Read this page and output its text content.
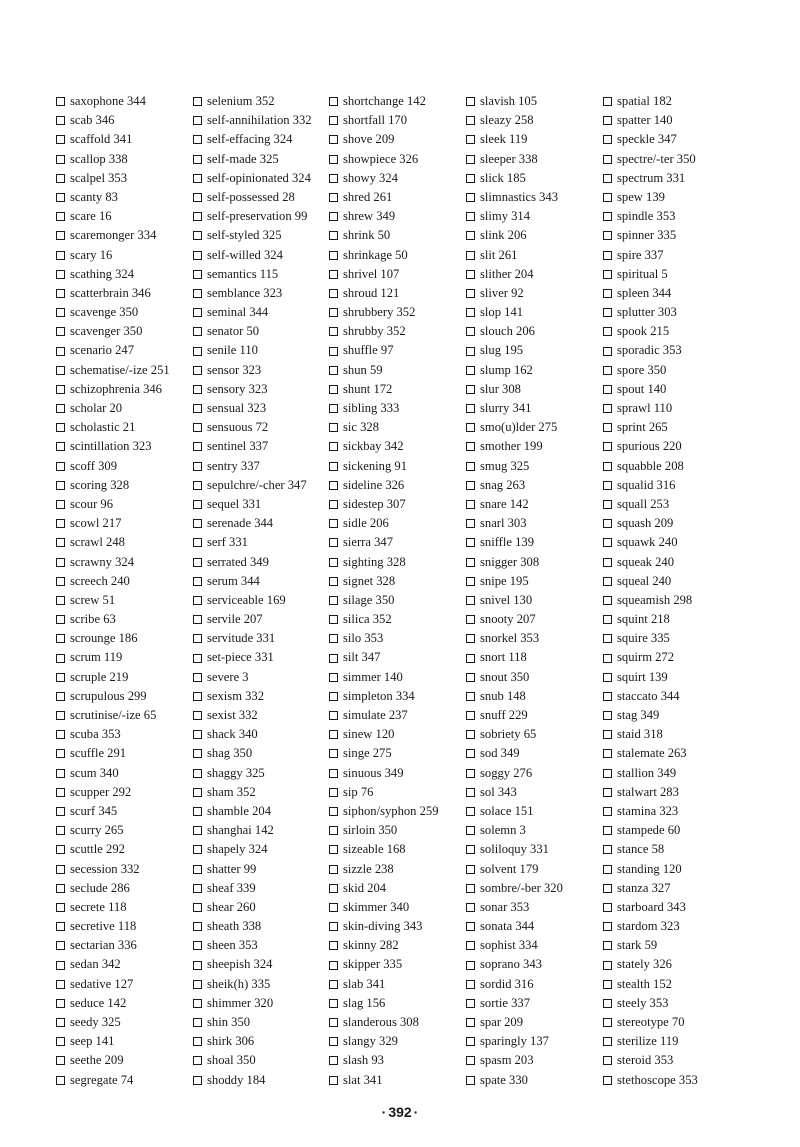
saxophone 344
scab 346
scaffold 341
scallop 338
scalpel 353
scanty 83
scare 16
scaremonger 334
scary 16
scathing 324
scatterbrain 346
scavenge 350
scavenger 350
scenario 247
schematise/-ize 251
schizophrenia 346
scholar 20
scholastic 21
scintillation 323
scoff 309
scoring 328
scour 96
scowl 217
scrawl 248
scrawny 324
screech 240
screw 51
scribe 63
scrounge 186
scrum 119
scruple 219
scrupulous 299
scrutinise/-ize 65
scuba 353
scuffle 291
scum 340
scupper 292
scurf 345
scurry 265
scuttle 292
secession 332
seclude 286
secrete 118
secretive 118
sectarian 336
sedan 342
sedative 127
seduce 142
seedy 325
seep 141
seethe 209
segregate 74
selenium 352
self-annihilation 332
self-effacing 324
self-made 325
self-opinionated 324
self-possessed 28
self-preservation 99
self-styled 325
self-willed 324
semantics 115
semblance 323
seminal 344
senator 50
senile 110
sensor 323
sensory 323
sensual 323
sensuous 72
sentinel 337
sentry 337
sepulchre/-cher 347
sequel 331
serenade 344
serf 331
serrated 349
serum 344
serviceable 169
servile 207
servitude 331
set-piece 331
severe 3
sexism 332
sexist 332
shack 340
shag 350
shaggy 325
sham 352
shamble 204
shanghai 142
shapely 324
shatter 99
sheaf 339
shear 260
sheath 338
sheen 353
sheepish 324
sheik(h) 335
shimmer 320
shin 350
shirk 306
shoal 350
shoddy 184
shortchange 142
shortfall 170
shove 209
showpiece 326
showy 324
shred 261
shrew 349
shrink 50
shrinkage 50
shrivel 107
shroud 121
shrubbery 352
shrubby 352
shuffle 97
shun 59
shunt 172
sibling 333
sic 328
sickbay 342
sickening 91
sideline 326
sidestep 307
sidle 206
sierra 347
sighting 328
signet 328
silage 350
silica 352
silo 353
silt 347
simmer 140
simpleton 334
simulate 237
sinew 120
singe 275
sinuous 349
sip 76
siphon/syphon 259
sirloin 350
sizeable 168
sizzle 238
skid 204
skimmer 340
skin-diving 343
skinny 282
skipper 335
slab 341
slag 156
slanderous 308
slangy 329
slash 93
slat 341
slavish 105
sleazy 258
sleek 119
sleeper 338
slick 185
slimnastics 343
slimy 314
slink 206
slit 261
slither 204
sliver 92
slop 141
slouch 206
slug 195
slump 162
slur 308
slurry 341
smo(u)lder 275
smother 199
smug 325
snag 263
snare 142
snarl 303
sniffle 139
snigger 308
snipe 195
snivel 130
snooty 207
snorkel 353
snort 118
snout 350
snub 148
snuff 229
sobriety 65
sod 349
soggy 276
sol 343
solace 151
solemn 3
soliloquy 331
solvent 179
sombre/-ber 320
sonar 353
sonata 344
sophist 334
soprano 343
sordid 316
sortie 337
spar 209
sparingly 137
spasm 203
spate 330
spatial 182
spatter 140
speckle 347
spectre/-ter 350
spectrum 331
spew 139
spindle 353
spinner 335
spire 337
spiritual 5
spleen 344
splutter 303
spook 215
sporadic 353
spore 350
spout 140
sprawl 110
sprint 265
spurious 220
squabble 208
squalid 316
squall 253
squash 209
squawk 240
squeak 240
squeal 240
squeamish 298
squint 218
squire 335
squirm 272
squirt 139
staccato 344
stag 349
staid 318
stalemate 263
stallion 349
stalwart 283
stamina 323
stampede 60
stance 58
standing 120
stanza 327
starboard 343
stardom 323
stark 59
stately 326
stealth 152
steely 353
stereotype 70
sterilize 119
steroid 353
stethoscope 353
· 392 ·
